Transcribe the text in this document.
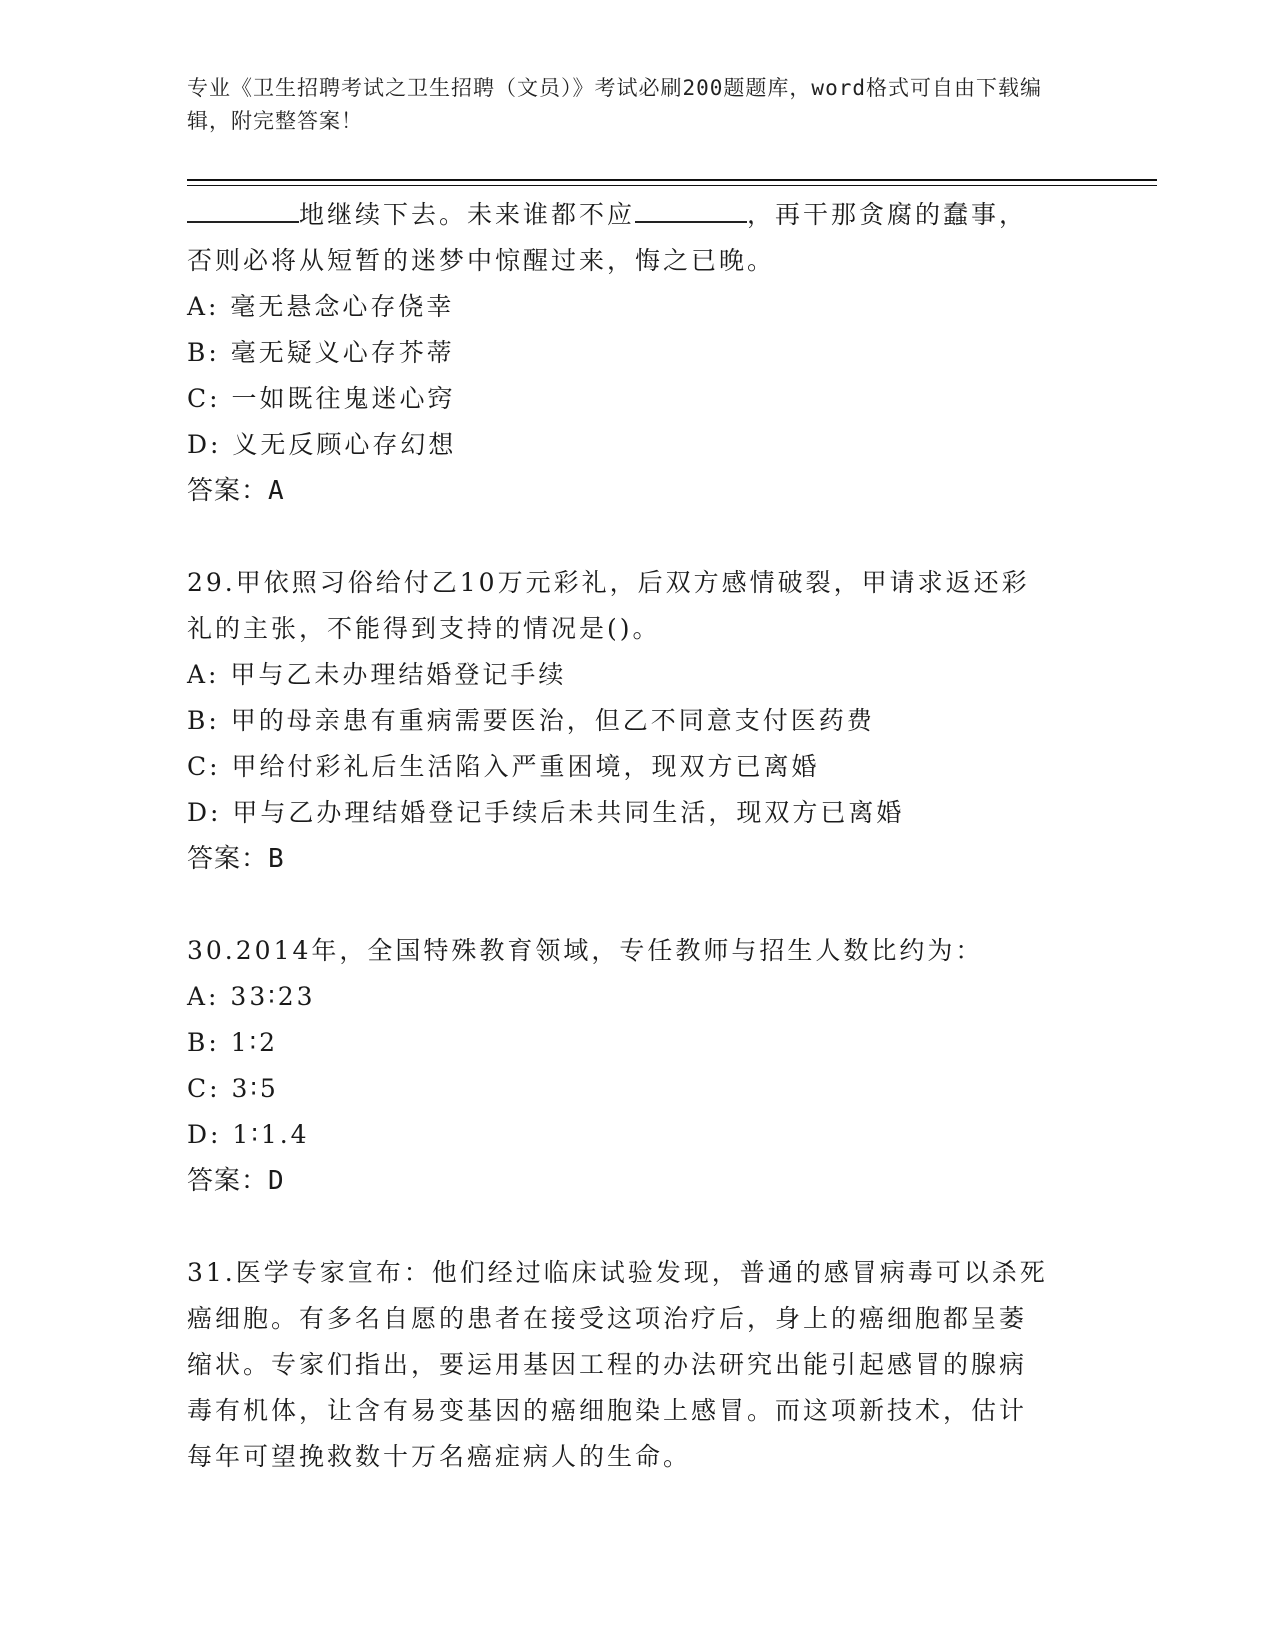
专业《卫生招聘考试之卫生招聘（文员）》考试必刷200题题库，word格式可自由下载编辑，附完整答案！
地继续下去。未来谁都不应	，再干那贪腐的蠢事，
否则必将从短暂的迷梦中惊醒过来，悔之已晚。
A: 毫无悬念心存侥幸
B: 毫无疑义心存芥蒂
C: 一如既往鬼迷心窍
D: 义无反顾心存幻想
答案：A
29.甲依照习俗给付乙10万元彩礼，后双方感情破裂，甲请求返还彩
礼的主张，不能得到支持的情况是()。
A: 甲与乙未办理结婚登记手续
B: 甲的母亲患有重病需要医治，但乙不同意支付医药费
C: 甲给付彩礼后生活陷入严重困境，现双方已离婚
D: 甲与乙办理结婚登记手续后未共同生活，现双方已离婚
答案：B
30.2014年，全国特殊教育领域，专任教师与招生人数比约为：
A: 33∶23
B: 1∶2
C: 3∶5
D: 1∶1.4
答案：D
31.医学专家宣布：他们经过临床试验发现，普通的感冒病毒可以杀死
癌细胞。有多名自愿的患者在接受这项治疗后，身上的癌细胞都呈萎
缩状。专家们指出，要运用基因工程的办法研究出能引起感冒的腺病
毒有机体，让含有易变基因的癌细胞染上感冒。而这项新技术，估计
每年可望挽救数十万名癌症病人的生命。
